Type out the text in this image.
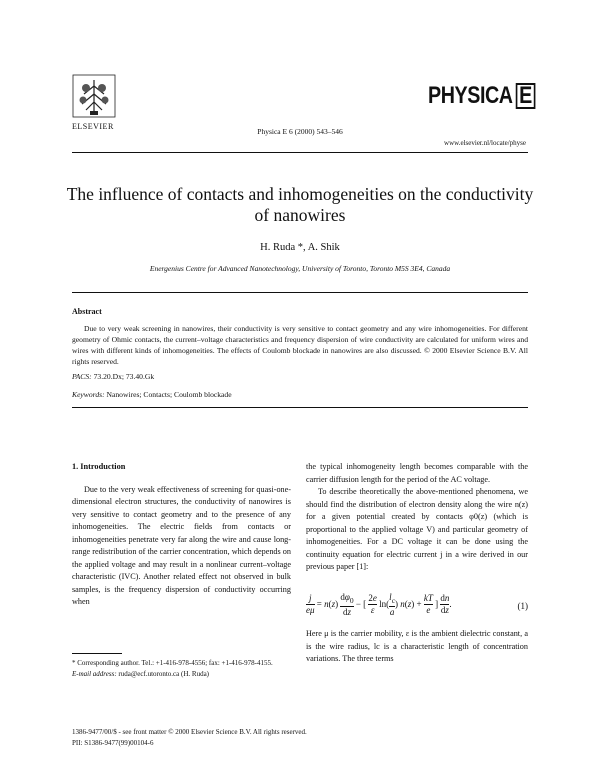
ELSEVIER
Physica E 6 (2000) 543–546
PHYSICA E
www.elsevier.nl/locate/physe
The influence of contacts and inhomogeneities on the conductivity of nanowires
H. Ruda *, A. Shik
Energenius Centre for Advanced Nanotechnology, University of Toronto, Toronto M5S 3E4, Canada
Abstract
Due to very weak screening in nanowires, their conductivity is very sensitive to contact geometry and any wire inhomogeneities. For different geometry of Ohmic contacts, the current–voltage characteristics and frequency dispersion of wire conductivity are calculated for uniform wires and wires with different kinds of inhomogeneities. The effects of Coulomb blockade in nanowires are also discussed. © 2000 Elsevier Science B.V. All rights reserved.
PACS: 73.20.Dx; 73.40.Gk
Keywords: Nanowires; Contacts; Coulomb blockade
1. Introduction

Due to the very weak effectiveness of screening for quasi-one-dimensional electron structures, the conductivity of nanowires is very sensitive to contact geometry and to the presence of any inhomogeneities. The electric fields from contacts or inhomogeneities penetrate very far along the wire and cause long-range redistribution of the carrier concentration, which depends on the applied voltage and may result in a nonlinear current–voltage characteristic (IVC). Another related effect not observed in bulk samples, is the frequency dispersion of conductivity occurring when

the typical inhomogeneity length becomes comparable with the carrier diffusion length for the period of the AC voltage.

To describe theoretically the above-mentioned phenomena, we should find the distribution of electron density along the wire n(z) for a given potential created by contacts φ0(z) (which is proportional to the applied voltage V) and particular geometry of inhomogeneities. For a DC voltage it can be done using the continuity equation for electric current j in a wire derived in our previous paper [1]:

$\frac{j}{e\mu} = n(z) \frac{d\varphi_0}{dz}$ − [ $\frac{2e}{\varepsilon} \ln( \frac{l_c}{a}$ ) $n(z) + \frac{kT}{e}$ ] $\frac{dn}{dz}$ .	(1)

Here μ is the carrier mobility, ε is the ambient dielectric constant, a is the wire radius, lc is a characteristic length of concentration variations. The three terms

* Corresponding author. Tel.: +1-416-978-4556; fax: +1-416-978-4155.
E-mail address: ruda@ecf.utoronto.ca (H. Ruda)
1386-9477/00/$ - see front matter © 2000 Elsevier Science B.V. All rights reserved.
PII: S1386-9477(99)00104-6
